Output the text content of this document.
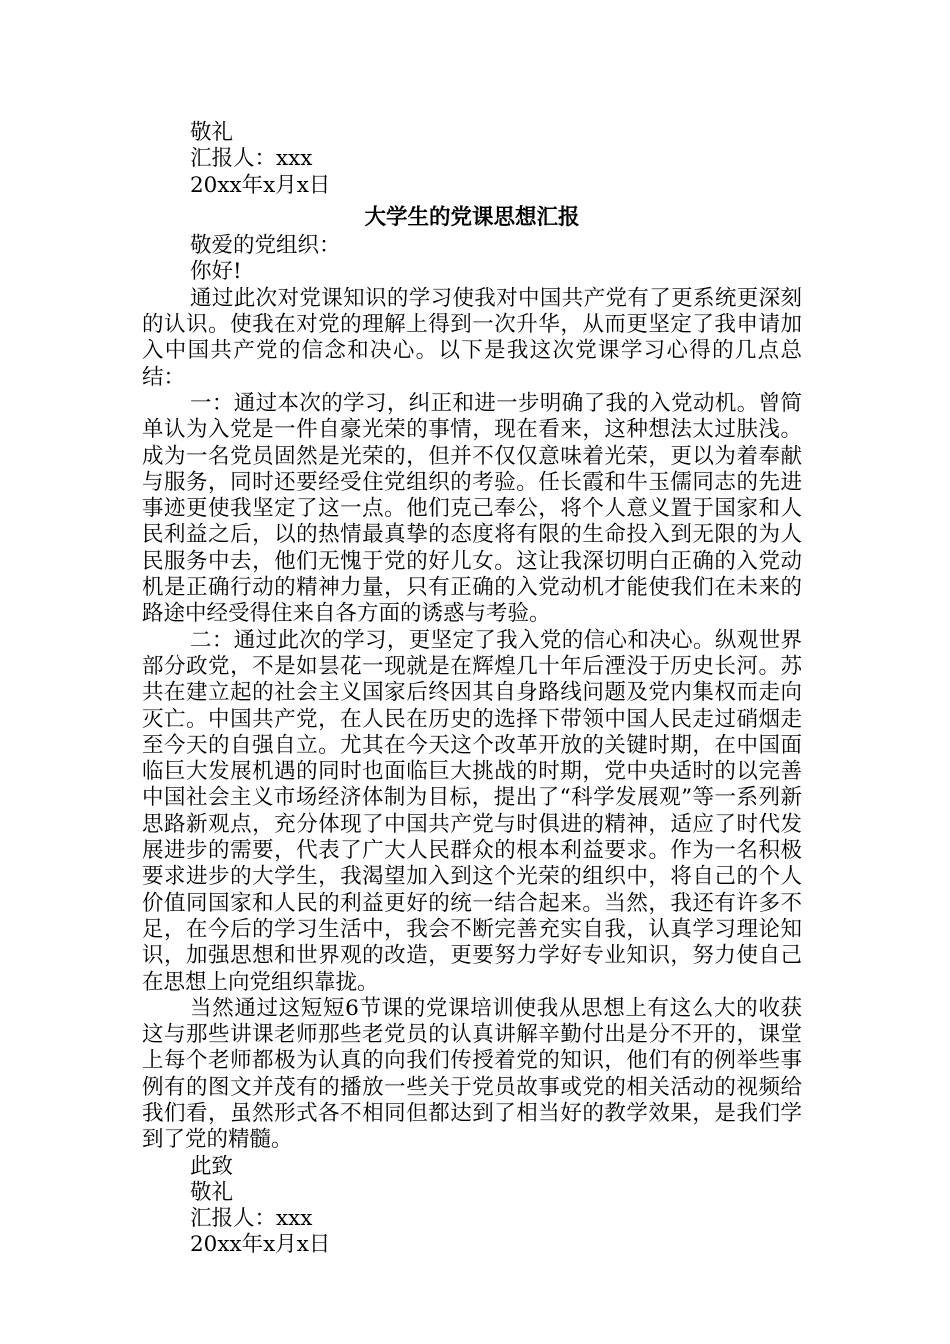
敬礼
汇报人：xxx
20xx年x月x日
大学生的党课思想汇报
敬爱的党组织：
你好!

通过此次对党课知识的学习使我对中国共产党有了更系统更深刻的认识。使我在对党的理解上得到一次升华，从而更坚定了我申请加入中国共产党的信念和决心。以下是我这次党课学习心得的几点总结：

一：通过本次的学习，纠正和进一步明确了我的入党动机。曾简单认为入党是一件自豪光荣的事情，现在看来，这种想法太过肤浅。成为一名党员固然是光荣的，但并不仅仅意味着光荣，更以为着奉献与服务，同时还要经受住党组织的考验。任长霞和牛玉儒同志的先进事迹更使我坚定了这一点。他们克己奉公，将个人意义置于国家和人民利益之后，以的热情最真挚的态度将有限的生命投入到无限的为人民服务中去，他们无愧于党的好儿女。这让我深切明白正确的入党动机是正确行动的精神力量，只有正确的入党动机才能使我们在未来的路途中经受得住来自各方面的诱惑与考验。

二：通过此次的学习，更坚定了我入党的信心和决心。纵观世界部分政党，不是如昙花一现就是在辉煌几十年后湮没于历史长河。苏共在建立起的社会主义国家后终因其自身路线问题及党内集权而走向灭亡。中国共产党，在人民在历史的选择下带领中国人民走过硝烟走至今天的自强自立。尤其在今天这个改革开放的关键时期，在中国面临巨大发展机遇的同时也面临巨大挑战的时期，党中央适时的以完善中国社会主义市场经济体制为目标，提出了“科学发展观”等一系列新思路新观点，充分体现了中国共产党与时俱进的精神，适应了时代发展进步的需要，代表了广大人民群众的根本利益要求。作为一名积极要求进步的大学生，我渴望加入到这个光荣的组织中，将自己的个人价值同国家和人民的利益更好的统一结合起来。当然，我还有许多不足，在今后的学习生活中，我会不断完善充实自我，认真学习理论知识，加强思想和世界观的改造，更要努力学好专业知识，努力使自己在思想上向党组织靠拢。

当然通过这短短6节课的党课培训使我从思想上有这么大的收获这与那些讲课老师那些老党员的认真讲解辛勤付出是分不开的，课堂上每个老师都极为认真的向我们传授着党的知识，他们有的例举些事例有的图文并茂有的播放一些关于党员故事或党的相关活动的视频给我们看，虽然形式各不相同但都达到了相当好的教学效果，是我们学到了党的精髓。

此致
敬礼
汇报人：xxx
20xx年x月x日
